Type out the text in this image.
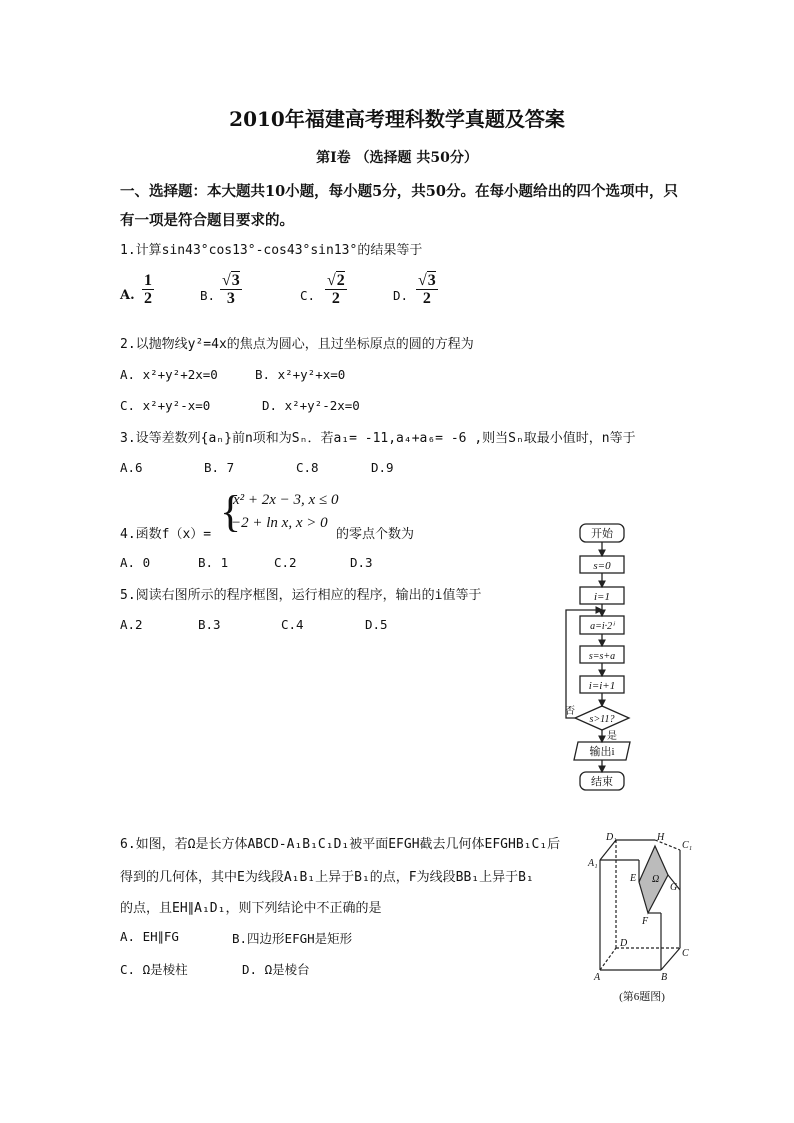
2010年福建高考理科数学真题及答案
第Ⅰ卷 （选择题 共50分）
一、选择题：本大题共10小题，每小题5分，共50分。在每小题给出的四个选项中，只
有一项是符合题目要求的。
1.计算sin43°cos13°-cos43°sin13°的结果等于
A. $\frac{1}{2}$	B. $\frac{√3}{3}$	C. $\frac{√2}{2}$	D. $\frac{√3}{2}$
2.以抛物线y²=4x的焦点为圆心，且过坐标原点的圆的方程为
A. x²+y²+2x=0	B. x²+y²+x=0
C. x²+y²-x=0	D. x²+y²-2x=0
3.设等差数列{aₙ}前n项和为Sₙ．若a₁= -11,a₄+a₆= -6 ,则当Sₙ取最小值时，n等于
A.6	B. 7	C.8	D.9
4.函数f（x）= {
x² + 2x − 3, x ≤ 0
−2 + ln x, x > 0
的零点个数为
A. 0	B. 1	C.2	D.3
5.阅读右图所示的程序框图，运行相应的程序，输出的i值等于
A.2	B.3	C.4	D.5
开始
s=0
i=1
a=i·2ⁱ
s=s+a
i=i+1
s>11?
输出i
结束
否
是
6.如图，若Ω是长方体ABCD-A₁B₁C₁D₁被平面EFGH截去几何体EFGHB₁C₁后
得到的几何体，其中E为线段A₁B₁上异于B₁的点，F为线段BB₁上异于B₁
的点，且EH∥A₁D₁，则下列结论中不正确的是
A. EH∥FG	B.四边形EFGH是矩形
C. Ω是棱柱	D. Ω是棱台
D₁	H
C₁
A₁
E Ω
G
F
D
C
A	B
(第6题图)
